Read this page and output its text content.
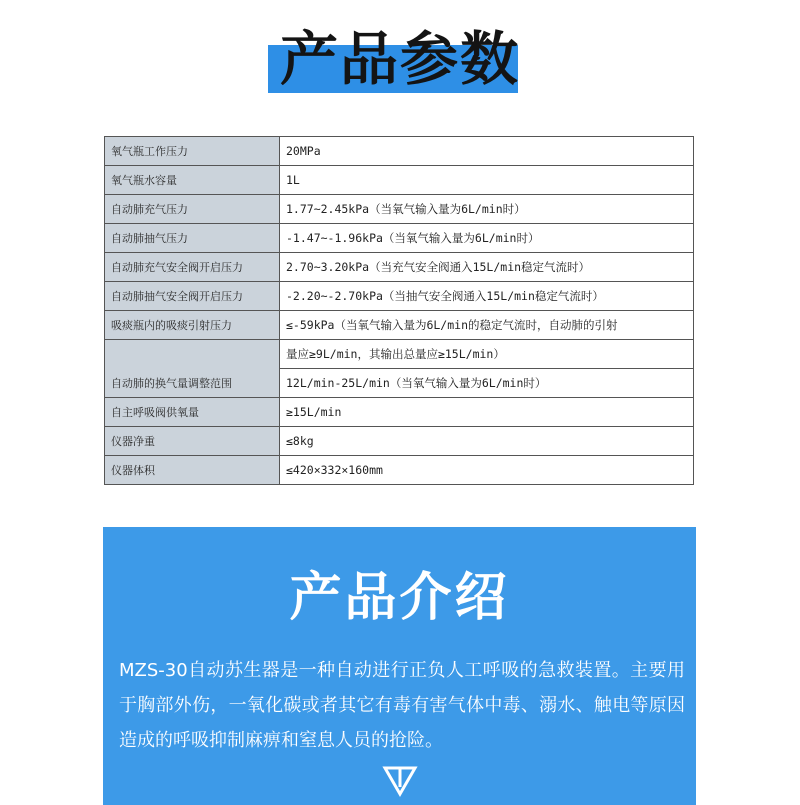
产品参数
氧气瓶工作压力	20MPa
氧气瓶水容量	1L
自动肺充气压力	1.77~2.45kPa（当氧气输入量为6L/min时）
自动肺抽气压力	-1.47~-1.96kPa（当氧气输入量为6L/min时）
自动肺充气安全阀开启压力	2.70~3.20kPa（当充气安全阀通入15L/min稳定气流时）
自动肺抽气安全阀开启压力	-2.20~-2.70kPa（当抽气安全阀通入15L/min稳定气流时）
吸痰瓶内的吸痰引射压力	≤-59kPa（当氧气输入量为6L/min的稳定气流时，自动肺的引射
自动肺的换气量调整范围	量应≥9L/min，其输出总量应≥15L/min）
	12L/min-25L/min（当氧气输入量为6L/min时）
自主呼吸阀供氧量	≥15L/min
仪器净重	≤8kg
仪器体积	≤420×332×160mm
产品介绍
MZS-30自动苏生器是一种自动进行正负人工呼吸的急救装置。主要用于胸部外伤，一氧化碳或者其它有毒有害气体中毒、溺水、触电等原因造成的呼吸抑制麻痹和窒息人员的抢险。
